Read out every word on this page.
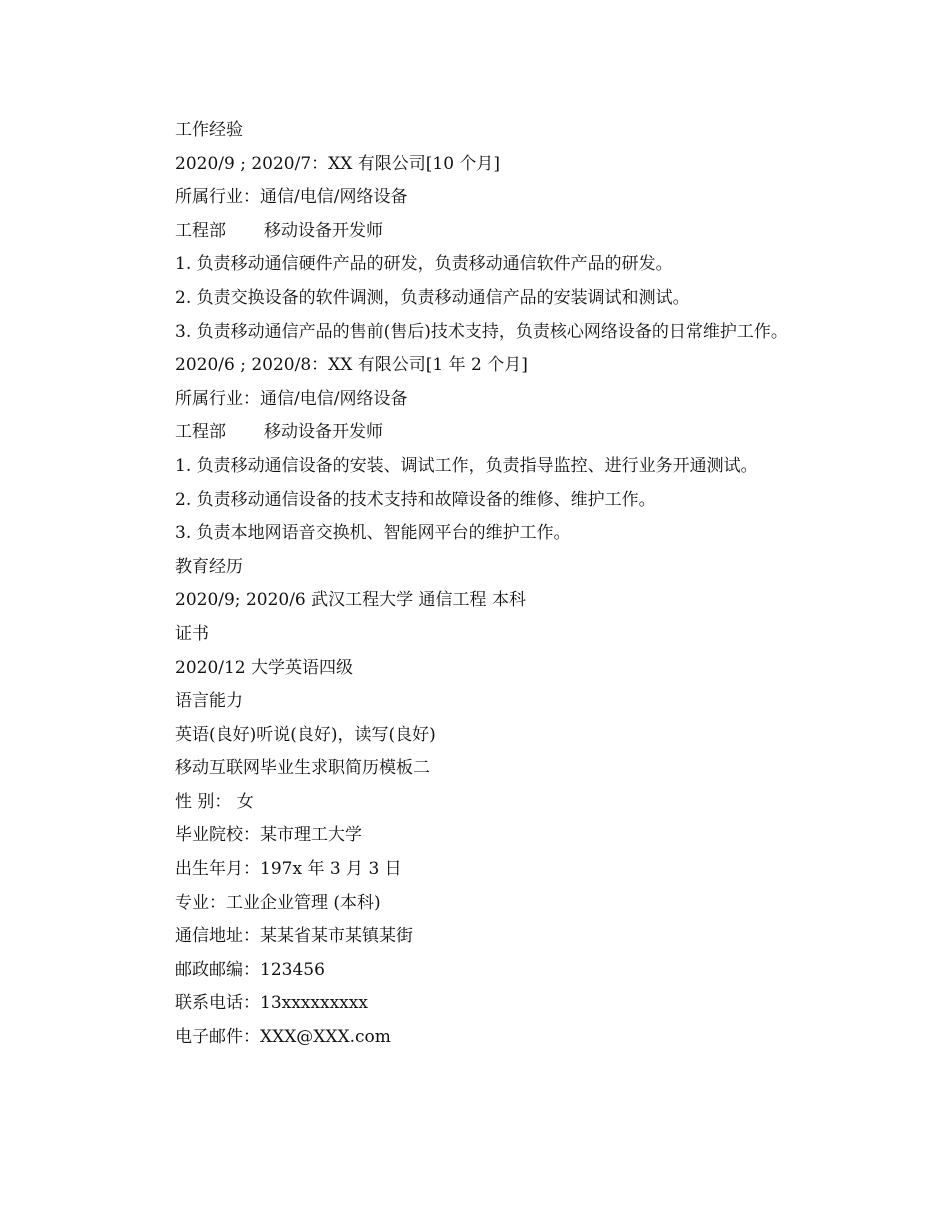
工作经验

2020/9 ; 2020/7：XX 有限公司[10 个月]

所属行业：通信/电信/网络设备

工程部 移动设备开发师

1. 负责移动通信硬件产品的研发，负责移动通信软件产品的研发。

2. 负责交换设备的软件调测，负责移动通信产品的安装调试和测试。

3. 负责移动通信产品的售前(售后)技术支持，负责核心网络设备的日常维护工作。

2020/6 ; 2020/8：XX 有限公司[1 年 2 个月]

所属行业：通信/电信/网络设备

工程部 移动设备开发师

1. 负责移动通信设备的安装、调试工作，负责指导监控、进行业务开通测试。

2. 负责移动通信设备的技术支持和故障设备的维修、维护工作。

3. 负责本地网语音交换机、智能网平台的维护工作。

教育经历

2020/9; 2020/6 武汉工程大学 通信工程 本科

证书

2020/12 大学英语四级

语言能力

英语(良好)听说(良好)，读写(良好)

移动互联网毕业生求职简历模板二

性 别： 女

毕业院校：某市理工大学

出生年月：197x 年 3 月 3 日

专业：工业企业管理 (本科)

通信地址：某某省某市某镇某街

邮政邮编：123456

联系电话：13xxxxxxxxx

电子邮件：XXX@XXX.com
